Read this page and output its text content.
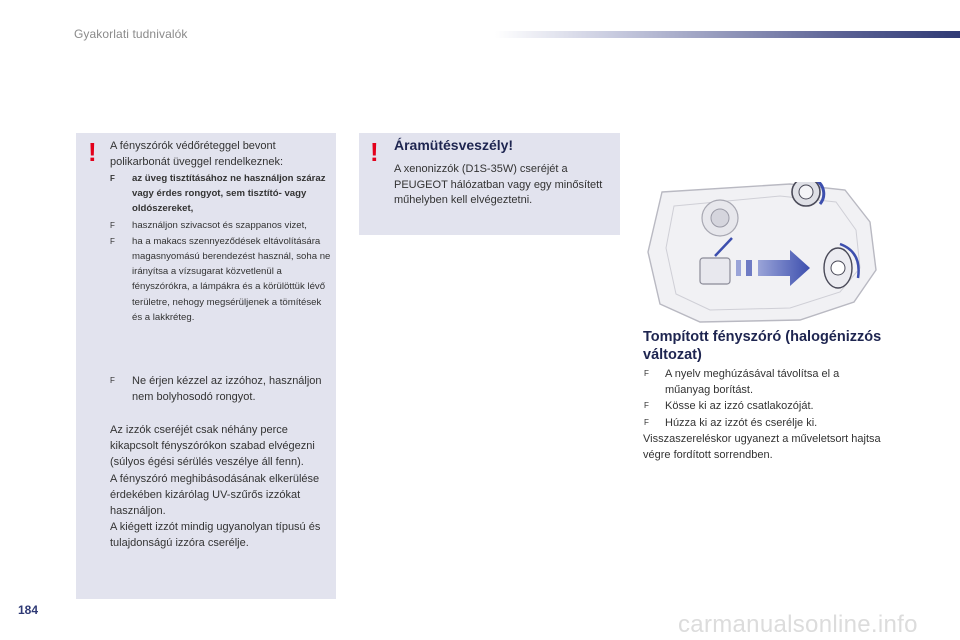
Gyakorlati tudnivalók
! A fényszórók védőréteggel bevont polikarbonát üveggel rendelkeznek:
F az üveg tisztításához ne használjon száraz vagy érdes rongyot, sem tisztító- vagy oldószereket,
F használjon szivacsot és szappanos vizet,
F ha a makacs szennyeződések eltávolítására magasnyomású berendezést használ, soha ne irányítsa a vízsugarat közvetlenül a fényszórókra, a lámpákra és a körülöttük lévő területre, nehogy megsérüljenek a tömítések és a lakkréteg.
F Ne érjen kézzel az izzóhoz, használjon nem bolyhosodó rongyot.

Az izzók cseréjét csak néhány perce kikapcsolt fényszórókon szabad elvégezni (súlyos égési sérülés veszélye áll fenn).
A fényszóró meghibásodásának elkerülése érdekében kizárólag UV-szűrős izzókat használjon.
A kiégett izzót mindig ugyanolyan típusú és tulajdonságú izzóra cserélje.

! Áramütésveszély!
A xenonizzók (D1S-35W) cseréjét a PEUGEOT hálózatban vagy egy minősített műhelyben kell elvégeztetni.
Tompított fényszóró (halogénizzós változat)
F A nyelv meghúzásával távolítsa el a műanyag borítást.
F Kösse ki az izzó csatlakozóját.
F Húzza ki az izzót és cserélje ki.

Visszaszereléskor ugyanezt a műveletsort hajtsa végre fordított sorrendben.

184
carmanualsonline.info
